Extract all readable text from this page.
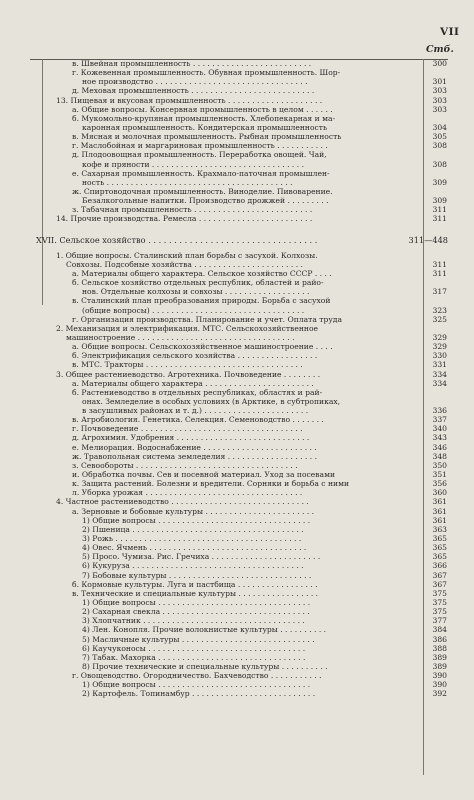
VII
Стб.
в. Швейная промышленность . . . . . . . . . . . . . . . . . . . . . . . . .	300
г. Кожевенная промышленность. Обувная промышленность. Шор-
ное производство . . . . . . . . . . . . . . . . . . . . . . . . . . . . . . . .	301
д. Меховая промышленность . . . . . . . . . . . . . . . . . . . . . . . . . .	303
13. Пищевая и вкусовая промышленность . . . . . . . . . . . . . . . . . . . .	303
а. Общие вопросы. Консервная промышленность в целом . . . . . .	303
б. Мукомольно-крупяная промышленность. Хлебопекарная и ма-
каронная промышленность. Кондитерская промышленность	304
в. Мясная и молочная промышленность. Рыбная промышленность	305
г. Маслобойная и маргариновая промышленность . . . . . . . . . . .	308
д. Плодоовощная промышленность. Переработка овощей. Чай,
кофе и пряности . . . . . . . . . . . . . . . . . . . . . . . . . . . . . . . .	308
е. Сахарная промышленность. Крахмало-паточная промышлен-
ность . . . . . . . . . . . . . . . . . . . . . . . . . . . . . . . . . . . . . . .	309
ж. Спиртоводочная промышленность. Виноделие. Пивоварение.
Безалкогольные напитки. Производство дрожжей . . . . . . . . .	309
з. Табачная промышленность . . . . . . . . . . . . . . . . . . . . . . . . .	311
14. Прочие производства. Ремесла . . . . . . . . . . . . . . . . . . . . . . . .	311
XVII. Сельское хозяйство . . . . . . . . . . . . . . . . . . . . . . . . . . . . . . . . .	311—448
1. Общие вопросы. Сталинский план борьбы с засухой. Колхозы.
Совхозы. Подсобные хозяйства . . . . . . . . . . . . . . . . . . . . . . .	311
а. Материалы общего характера. Сельское хозяйство СССР . . . .	311
б. Сельское хозяйство отдельных республик, областей и райо-
нов. Отдельные колхозы и совхозы . . . . . . . . . . . . . . . . . .	317
в. Сталинский план преобразования природы. Борьба с засухой
(общие вопросы) . . . . . . . . . . . . . . . . . . . . . . . . . . . . . . . .	323
г. Организация производства. Планирование и учет. Оплата труда	325
2. Механизация и электрификация. МТС. Сельскохозяйственное
машиностроение . . . . . . . . . . . . . . . . . . . . . . . . . . . . . . . . .	329
а. Общие вопросы. Сельскохозяйственное машиностроение . . . .	329
б. Электрификация сельского хозяйства . . . . . . . . . . . . . . . . .	330
в. МТС. Тракторы . . . . . . . . . . . . . . . . . . . . . . . . . . . . . . . . .	331
3. Общее растениеводство. Агротехника. Почвоведение . . . . . . . .	334
а. Материалы общего характера . . . . . . . . . . . . . . . . . . . . . . .	334
б. Растениеводство в отдельных республиках, областях и рай-
онах. Земледелие в особых условиях (в Арктике, в субтропиках,
в засушливых районах и т. д.) . . . . . . . . . . . . . . . . . . . . . .	336
в. Агробиология. Генетика. Селекция. Семеноводство . . . . . . .	337
г. Почвоведение . . . . . . . . . . . . . . . . . . . . . . . . . . . . . . . . . .	340
д. Агрохимия. Удобрения . . . . . . . . . . . . . . . . . . . . . . . . . . . .	343
е. Мелиорация. Водоснабжение . . . . . . . . . . . . . . . . . . . . . . . .	346
ж. Травопольная система земледелия . . . . . . . . . . . . . . . . . . .	348
з. Севообороты . . . . . . . . . . . . . . . . . . . . . . . . . . . . . . . . . .	350
и. Обработка почвы. Сев и посевной материал. Уход за посевами	351
к. Защита растений. Болезни и вредители. Сорняки и борьба с ними	356
л. Уборка урожая . . . . . . . . . . . . . . . . . . . . . . . . . . . . . . . . .	360
4. Частное растениеводство . . . . . . . . . . . . . . . . . . . . . . . . . . . . .	361
а. Зерновые и бобовые культуры . . . . . . . . . . . . . . . . . . . . . . .	361
1) Общие вопросы . . . . . . . . . . . . . . . . . . . . . . . . . . . . . . . .	361
2) Пшеница . . . . . . . . . . . . . . . . . . . . . . . . . . . . . . . . . . . .	363
3) Рожь . . . . . . . . . . . . . . . . . . . . . . . . . . . . . . . . . . . . . . .	365
4) Овес. Ячмень . . . . . . . . . . . . . . . . . . . . . . . . . . . . . . . . .	365
5) Просо. Чумиза. Рис. Гречиха . . . . . . . . . . . . . . . . . . . . . . .	365
6) Кукуруза . . . . . . . . . . . . . . . . . . . . . . . . . . . . . . . . . . . .	366
7) Бобовые культуры . . . . . . . . . . . . . . . . . . . . . . . . . . . . . .	367
б. Кормовые культуры. Луга и пастбища . . . . . . . . . . . . . . . . .	367
в. Технические и специальные культуры . . . . . . . . . . . . . . . . .	375
1) Общие вопросы . . . . . . . . . . . . . . . . . . . . . . . . . . . . . . . .	375
2) Сахарная свекла . . . . . . . . . . . . . . . . . . . . . . . . . . . . . . .	375
3) Хлопчатник . . . . . . . . . . . . . . . . . . . . . . . . . . . . . . . . . .	377
4) Лен. Конопля. Прочие волокнистые культуры . . . . . . . . . .	384
5) Масличные культуры . . . . . . . . . . . . . . . . . . . . . . . . . . . .	386
6) Каучуконосы . . . . . . . . . . . . . . . . . . . . . . . . . . . . . . . . .	388
7) Табак. Махорка . . . . . . . . . . . . . . . . . . . . . . . . . . . . . . .	389
8) Прочие технические и специальные культуры . . . . . . . . . .	389
г. Овощеводство. Огородничество. Бахчеводство . . . . . . . . . . .	390
1) Общие вопросы . . . . . . . . . . . . . . . . . . . . . . . . . . . . . . . .	390
2) Картофель. Топинамбур . . . . . . . . . . . . . . . . . . . . . . . . . .	392
